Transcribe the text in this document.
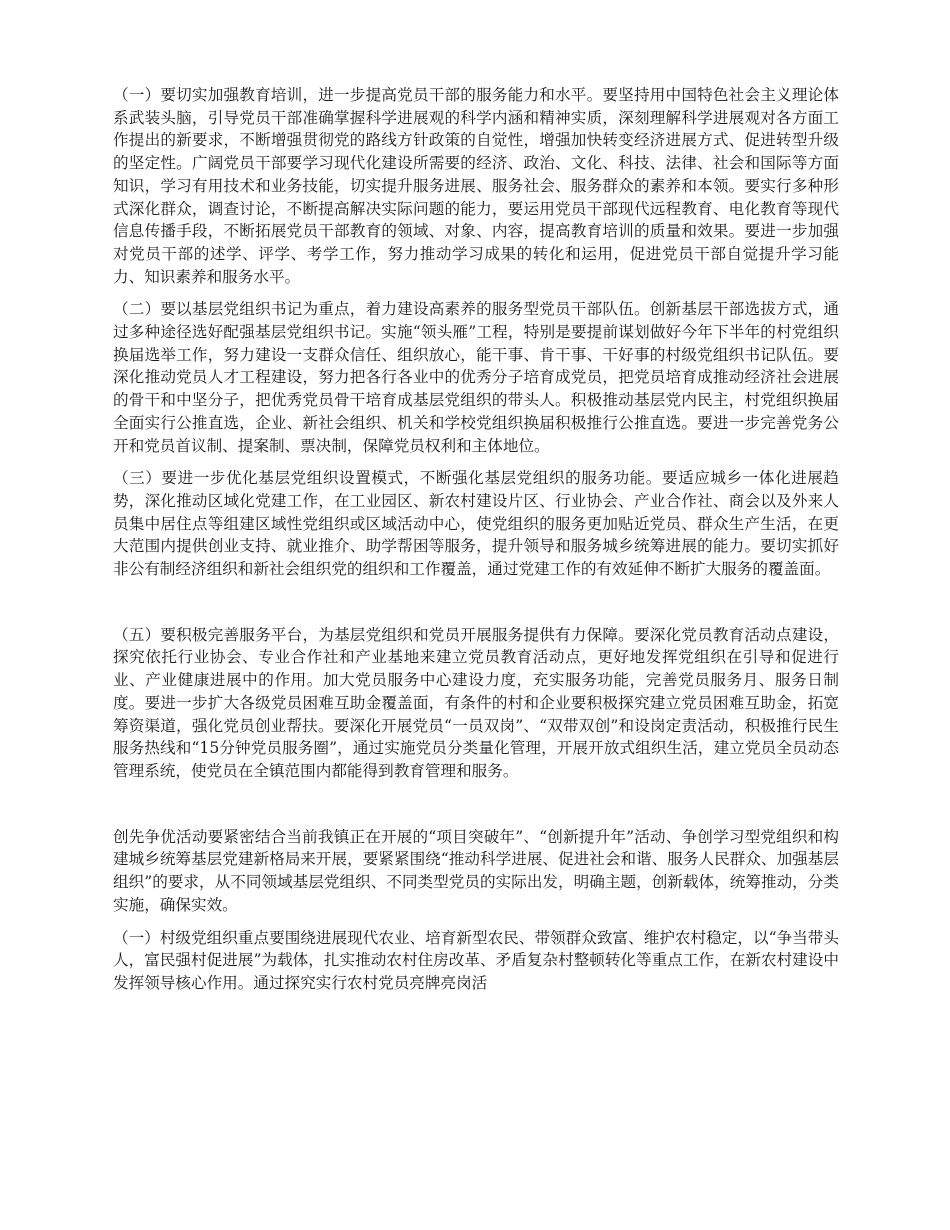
（一）要切实加强教育培训，进一步提高党员干部的服务能力和水平。要坚持用中国特色社会主义理论体系武装头脑，引导党员干部准确掌握科学进展观的科学内涵和精神实质，深刻理解科学进展观对各方面工作提出的新要求，不断增强贯彻党的路线方针政策的自觉性，增强加快转变经济进展方式、促进转型升级的坚定性。广阔党员干部要学习现代化建设所需要的经济、政治、文化、科技、法律、社会和国际等方面知识，学习有用技术和业务技能，切实提升服务进展、服务社会、服务群众的素养和本领。要实行多种形式深化群众，调查讨论，不断提高解决实际问题的能力，要运用党员干部现代远程教育、电化教育等现代信息传播手段，不断拓展党员干部教育的领域、对象、内容，提高教育培训的质量和效果。要进一步加强对党员干部的述学、评学、考学工作，努力推动学习成果的转化和运用，促进党员干部自觉提升学习能力、知识素养和服务水平。

（二）要以基层党组织书记为重点，着力建设高素养的服务型党员干部队伍。创新基层干部选拔方式，通过多种途径选好配强基层党组织书记。实施“领头雁”工程，特别是要提前谋划做好今年下半年的村党组织换届选举工作，努力建设一支群众信任、组织放心，能干事、肯干事、干好事的村级党组织书记队伍。要深化推动党员人才工程建设，努力把各行各业中的优秀分子培育成党员，把党员培育成推动经济社会进展的骨干和中坚分子，把优秀党员骨干培育成基层党组织的带头人。积极推动基层党内民主，村党组织换届全面实行公推直选，企业、新社会组织、机关和学校党组织换届积极推行公推直选。要进一步完善党务公开和党员首议制、提案制、票决制，保障党员权利和主体地位。

（三）要进一步优化基层党组织设置模式，不断强化基层党组织的服务功能。要适应城乡一体化进展趋势，深化推动区域化党建工作，在工业园区、新农村建设片区、行业协会、产业合作社、商会以及外来人员集中居住点等组建区域性党组织或区域活动中心，使党组织的服务更加贴近党员、群众生产生活，在更大范围内提供创业支持、就业推介、助学帮困等服务，提升领导和服务城乡统筹进展的能力。要切实抓好非公有制经济组织和新社会组织党的组织和工作覆盖，通过党建工作的有效延伸不断扩大服务的覆盖面。

（五）要积极完善服务平台，为基层党组织和党员开展服务提供有力保障。要深化党员教育活动点建设，探究依托行业协会、专业合作社和产业基地来建立党员教育活动点，更好地发挥党组织在引导和促进行业、产业健康进展中的作用。加大党员服务中心建设力度，充实服务功能，完善党员服务月、服务日制度。要进一步扩大各级党员困难互助金覆盖面，有条件的村和企业要积极探究建立党员困难互助金，拓宽筹资渠道，强化党员创业帮扶。要深化开展党员“一员双岗”、“双带双创”和设岗定责活动，积极推行民生服务热线和“15分钟党员服务圈”，通过实施党员分类量化管理，开展开放式组织生活，建立党员全员动态管理系统，使党员在全镇范围内都能得到教育管理和服务。

创先争优活动要紧密结合当前我镇正在开展的“项目突破年”、“创新提升年”活动、争创学习型党组织和构建城乡统筹基层党建新格局来开展，要紧紧围绕“推动科学进展、促进社会和谐、服务人民群众、加强基层组织”的要求，从不同领域基层党组织、不同类型党员的实际出发，明确主题，创新载体，统筹推动，分类实施，确保实效。

（一）村级党组织重点要围绕进展现代农业、培育新型农民、带领群众致富、维护农村稳定，以“争当带头人，富民强村促进展”为载体，扎实推动农村住房改革、矛盾复杂村整顿转化等重点工作，在新农村建设中发挥领导核心作用。通过探究实行农村党员亮牌亮岗活
